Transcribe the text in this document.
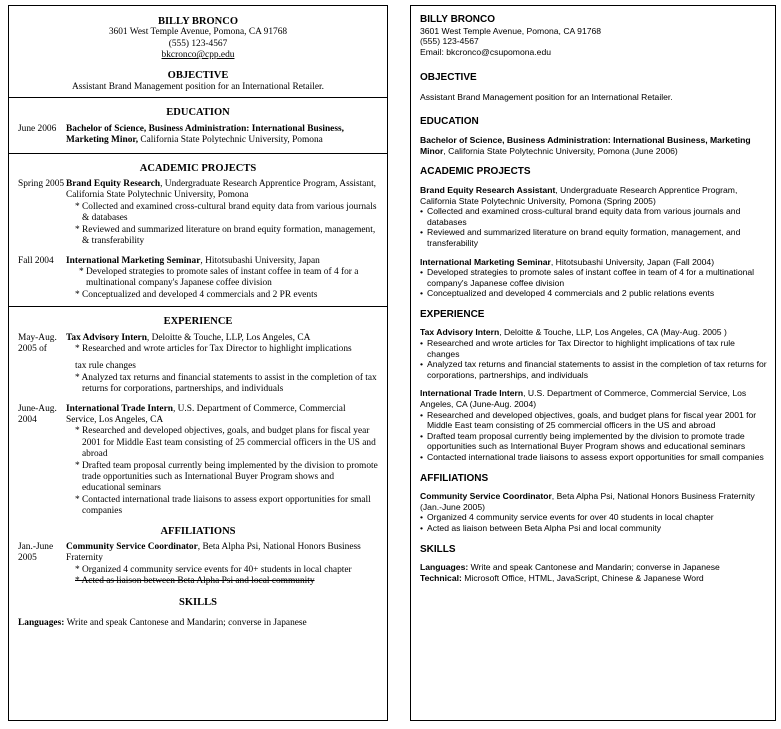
BILLY BRONCO
3601 West Temple Avenue, Pomona, CA 91768
(555) 123-4567
bkcronco@cpp.edu
OBJECTIVE
Assistant Brand Management position for an International Retailer.
EDUCATION
June 2006	Bachelor of Science, Business Administration: International Business, Marketing Minor, California State Polytechnic University, Pomona
ACADEMIC PROJECTS
Spring 2005 Brand Equity Research, Undergraduate Research Apprentice Program, Assistant, California State Polytechnic University, Pomona
* Collected and examined cross-cultural brand equity data from various journals & databases
* Reviewed and summarized literature on brand equity formation, management, & transferability
Fall 2004	International Marketing Seminar, Hitotsubashi University, Japan
* Developed strategies to promote sales of instant coffee in team of 4 for a multinational company's Japanese coffee division
* Conceptualized and developed 4 commercials and 2 PR events
EXPERIENCE
May-Aug. 2005 of
Tax Advisory Intern, Deloitte & Touche, LLP, Los Angeles, CA
* Researched and wrote articles for Tax Director to highlight implications
tax rule changes
* Analyzed tax returns and financial statements to assist in the completion of tax returns for corporations, partnerships, and individuals
June-Aug. 2004
International Trade Intern, U.S. Department of Commerce, Commercial Service, Los Angeles, CA
* Researched and developed objectives, goals, and budget plans for fiscal year 2001 for Middle East team consisting of 25 commercial officers in the US and abroad
* Drafted team proposal currently being implemented by the division to promote trade opportunities such as International Buyer Program shows and educational seminars
* Contacted international trade liaisons to assess export opportunities for small companies
AFFILIATIONS
Jan.-June 2005
Community Service Coordinator, Beta Alpha Psi, National Honors Business Fraternity
* Organized 4 community service events for 40+ students in local chapter
* Acted as liaison between Beta Alpha Psi and local community
SKILLS
Languages: Write and speak Cantonese and Mandarin; converse in Japanese
BILLY BRONCO
3601 West Temple Avenue, Pomona, CA 91768
(555) 123-4567
Email: bkcronco@csupomona.edu
OBJECTIVE
Assistant Brand Management position for an International Retailer.
EDUCATION
Bachelor of Science, Business Administration: International Business, Marketing Minor, California State Polytechnic University, Pomona (June 2006)
ACADEMIC PROJECTS
Brand Equity Research Assistant, Undergraduate Research Apprentice Program, California State Polytechnic University, Pomona (Spring 2005)
• Collected and examined cross-cultural brand equity data from various journals and databases
• Reviewed and summarized literature on brand equity formation, management, and transferability
International Marketing Seminar, Hitotsubashi University, Japan (Fall 2004)
• Developed strategies to promote sales of instant coffee in team of 4 for a multinational company's Japanese coffee division
• Conceptualized and developed 4 commercials and 2 public relations events
EXPERIENCE
Tax Advisory Intern, Deloitte & Touche, LLP, Los Angeles, CA (May-Aug. 2005 )
• Researched and wrote articles for Tax Director to highlight implications of tax rule changes
• Analyzed tax returns and financial statements to assist in the completion of tax returns for corporations, partnerships, and individuals
International Trade Intern, U.S. Department of Commerce, Commercial Service, Los Angeles, CA (June-Aug. 2004)
• Researched and developed objectives, goals, and budget plans for fiscal year 2001 for Middle East team consisting of 25 commercial officers in the US and abroad
• Drafted team proposal currently being implemented by the division to promote trade opportunities such as International Buyer Program shows and educational seminars
• Contacted international trade liaisons to assess export opportunities for small companies
AFFILIATIONS
Community Service Coordinator, Beta Alpha Psi, National Honors Business Fraternity (Jan.-June 2005)
• Organized 4 community service events for over 40 students in local chapter
• Acted as liaison between Beta Alpha Psi and local community
SKILLS
Languages: Write and speak Cantonese and Mandarin; converse in Japanese
Technical: Microsoft Office, HTML, JavaScript, Chinese & Japanese Word
